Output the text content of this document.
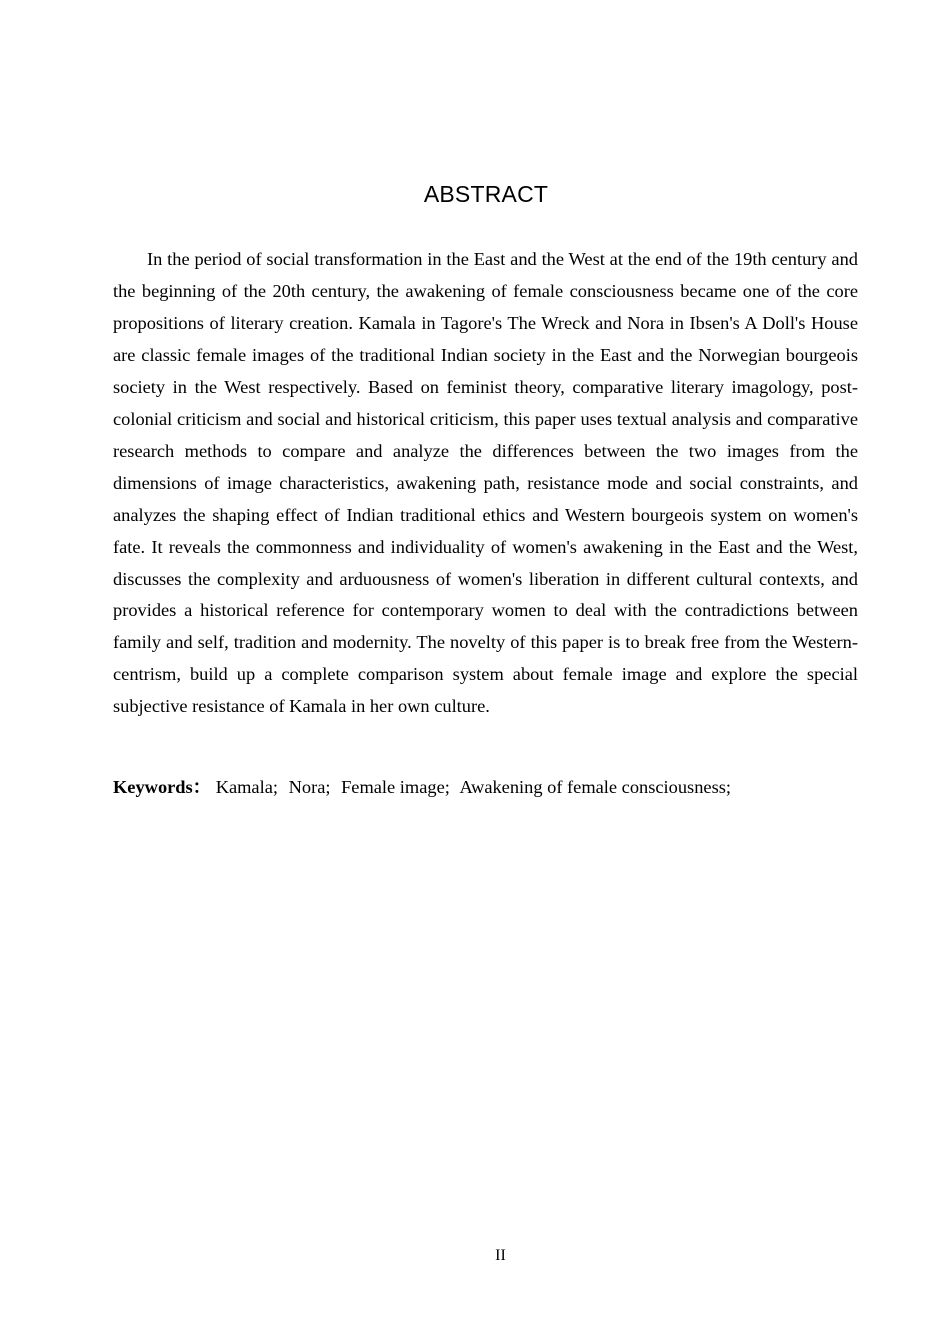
ABSTRACT

In the period of social transformation in the East and the West at the end of the 19th century and the beginning of the 20th century, the awakening of female consciousness became one of the core propositions of literary creation. Kamala in Tagore's The Wreck and Nora in Ibsen's A Doll's House are classic female images of the traditional Indian society in the East and the Norwegian bourgeois society in the West respectively. Based on feminist theory, comparative literary imagology, post-colonial criticism and social and historical criticism, this paper uses textual analysis and comparative research methods to compare and analyze the differences between the two images from the dimensions of image characteristics, awakening path, resistance mode and social constraints, and analyzes the shaping effect of Indian traditional ethics and Western bourgeois system on women's fate. It reveals the commonness and individuality of women's awakening in the East and the West, discusses the complexity and arduousness of women's liberation in different cultural contexts, and provides a historical reference for contemporary women to deal with the contradictions between family and self, tradition and modernity. The novelty of this paper is to break free from the Western-centrism, build up a complete comparison system about female image and explore the special subjective resistance of Kamala in her own culture.

Keywords： Kamala; Nora; Female image; Awakening of female consciousness;

II
